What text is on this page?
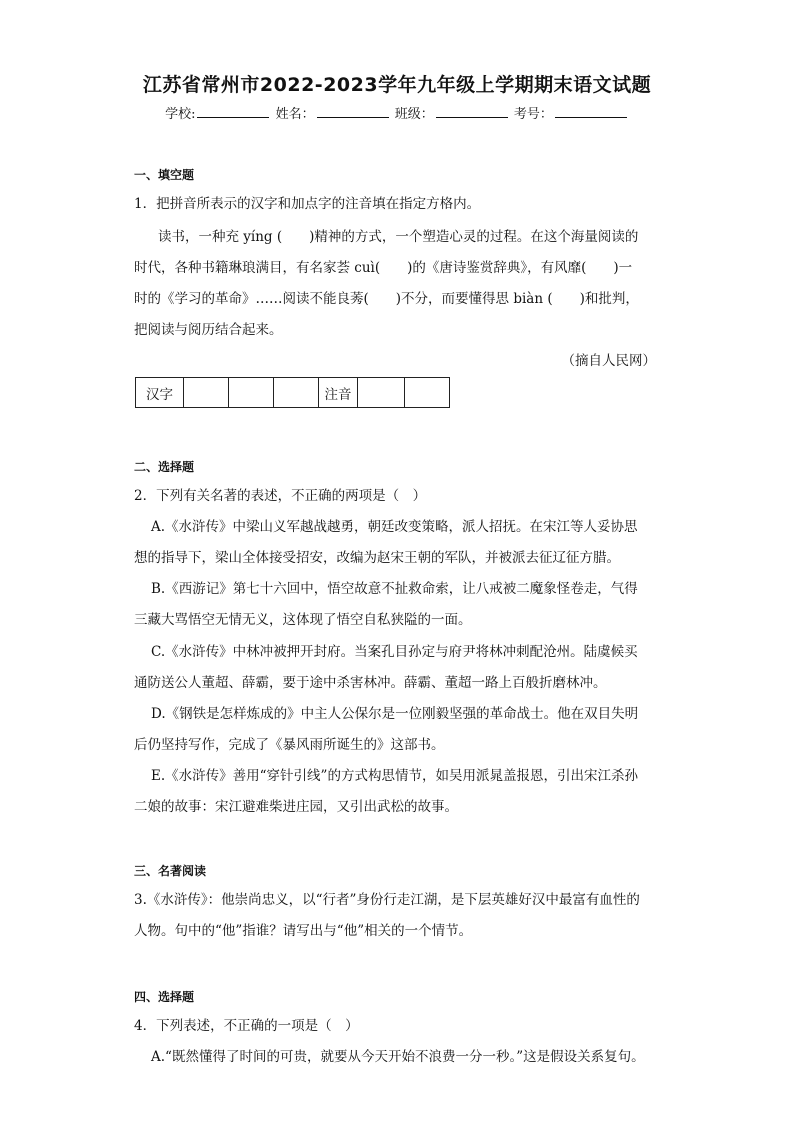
江苏省常州市2022-2023学年九年级上学期期末语文试题
学校:	姓名：	班级：	考号：
一、填空题
1．把拼音所表示的汉字和加点字的注音填在指定方格内。
读书，一种充 yíng (　　)精神的方式，一个塑造心灵的过程。在这个海量阅读的
时代，各种书籍琳琅满目，有名家荟 cuì(　　)的《唐诗鉴赏辞典》，有风靡(　　)一
时的《学习的革命》……阅读不能良莠(　　)不分，而要懂得思 biàn (　　)和批判，
把阅读与阅历结合起来。
（摘自人民网）
汉字				注音		
二、选择题
2．下列有关名著的表述，不正确的两项是（　）
A.《水浒传》中梁山义军越战越勇，朝廷改变策略，派人招抚。在宋江等人妥协思
想的指导下，梁山全体接受招安，改编为赵宋王朝的军队，并被派去征辽征方腊。
B.《西游记》第七十六回中，悟空故意不扯救命索，让八戒被二魔象怪卷走，气得
三藏大骂悟空无情无义，这体现了悟空自私狭隘的一面。
C.《水浒传》中林冲被押开封府。当案孔目孙定与府尹将林冲刺配沧州。陆虞候买
通防送公人董超、薛霸，要于途中杀害林冲。薛霸、董超一路上百般折磨林冲。
D.《钢铁是怎样炼成的》中主人公保尔是一位刚毅坚强的革命战士。他在双目失明
后仍坚持写作，完成了《暴风雨所诞生的》这部书。
E.《水浒传》善用“穿针引线”的方式构思情节，如吴用派晁盖报恩，引出宋江杀孙
二娘的故事：宋江避难柴进庄园，又引出武松的故事。
三、名著阅读
3.《水浒传》：他崇尚忠义，以“行者”身份行走江湖，是下层英雄好汉中最富有血性的
人物。句中的“他”指谁？请写出与“他”相关的一个情节。
四、选择题
4．下列表述，不正确的一项是（　）
A.“既然懂得了时间的可贵，就要从今天开始不浪费一分一秒。”这是假设关系复句。
